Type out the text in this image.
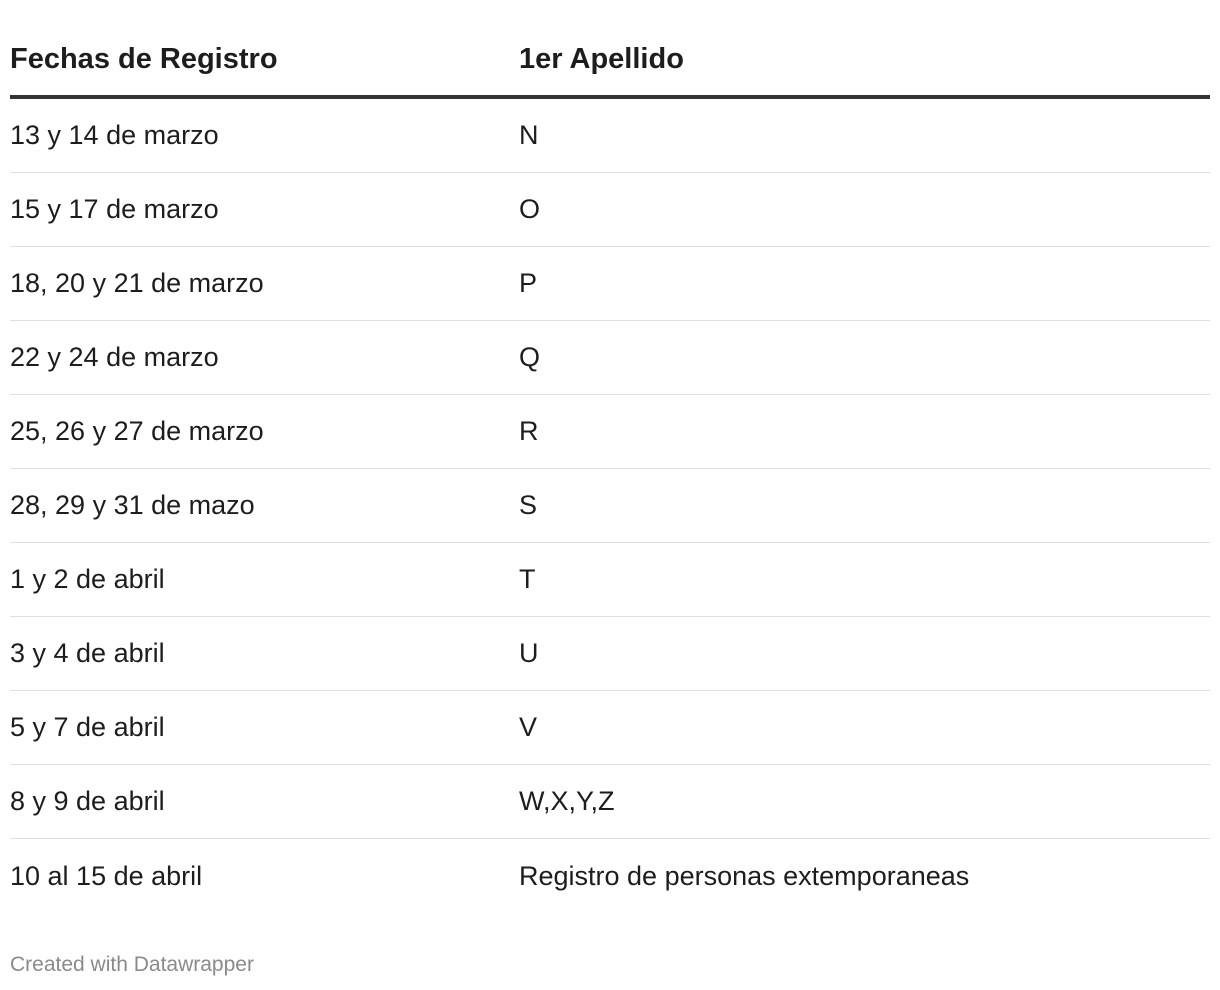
Fechas de Registro	1er Apellido
13 y 14 de marzo	N
15 y 17 de marzo	O
18, 20 y 21 de marzo	P
22 y 24 de marzo	Q
25, 26 y 27 de marzo	R
28, 29 y 31 de mazo	S
1 y 2 de abril	T
3 y 4 de abril	U
5 y 7 de abril	V
8 y 9 de abril	W,X,Y,Z
10 al 15 de abril	Registro de personas extemporaneas
Created with Datawrapper
